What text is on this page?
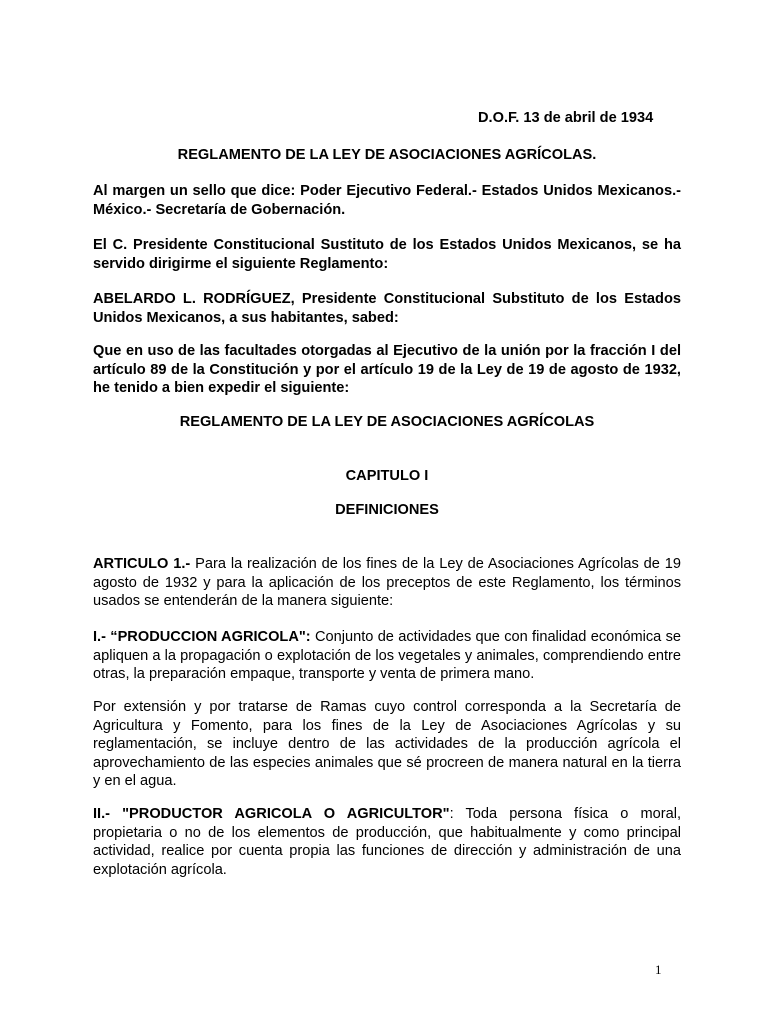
D.O.F. 13 de abril de 1934

REGLAMENTO DE LA LEY DE ASOCIACIONES AGRÍCOLAS.

Al margen un sello que dice: Poder Ejecutivo Federal.- Estados Unidos Mexicanos.- México.- Secretaría de Gobernación.

El C. Presidente Constitucional Sustituto de los Estados Unidos Mexicanos, se ha servido dirigirme el siguiente Reglamento:

ABELARDO L. RODRÍGUEZ, Presidente Constitucional Substituto de los Estados Unidos Mexicanos, a sus habitantes, sabed:

Que en uso de las facultades otorgadas al Ejecutivo de la unión por la fracción I del artículo 89 de la Constitución y por el artículo 19 de la Ley de 19 de agosto de 1932, he tenido a bien expedir el siguiente:

REGLAMENTO DE LA LEY DE ASOCIACIONES AGRÍCOLAS

CAPITULO I

DEFINICIONES

ARTICULO 1.- Para la realización de los fines de la Ley de Asociaciones Agrícolas de 19 agosto de 1932 y para la aplicación de los preceptos de este Reglamento, los términos usados se entenderán de la manera siguiente:

I.- “PRODUCCION AGRICOLA": Conjunto de actividades que con finalidad económica se apliquen a la propagación o explotación de los vegetales y animales, comprendiendo entre otras, la preparación empaque, transporte y venta de primera mano.

Por extensión y por tratarse de Ramas cuyo control corresponda a la Secretaría de Agricultura y Fomento, para los fines de la Ley de Asociaciones Agrícolas y su reglamentación, se incluye dentro de las actividades de la producción agrícola el aprovechamiento de las especies animales que sé procreen de manera natural en la tierra y en el agua.

II.- "PRODUCTOR AGRICOLA O AGRICULTOR": Toda persona física o moral, propietaria o no de los elementos de producción, que habitualmente y como principal actividad, realice por cuenta propia las funciones de dirección y administración de una explotación agrícola.

1
